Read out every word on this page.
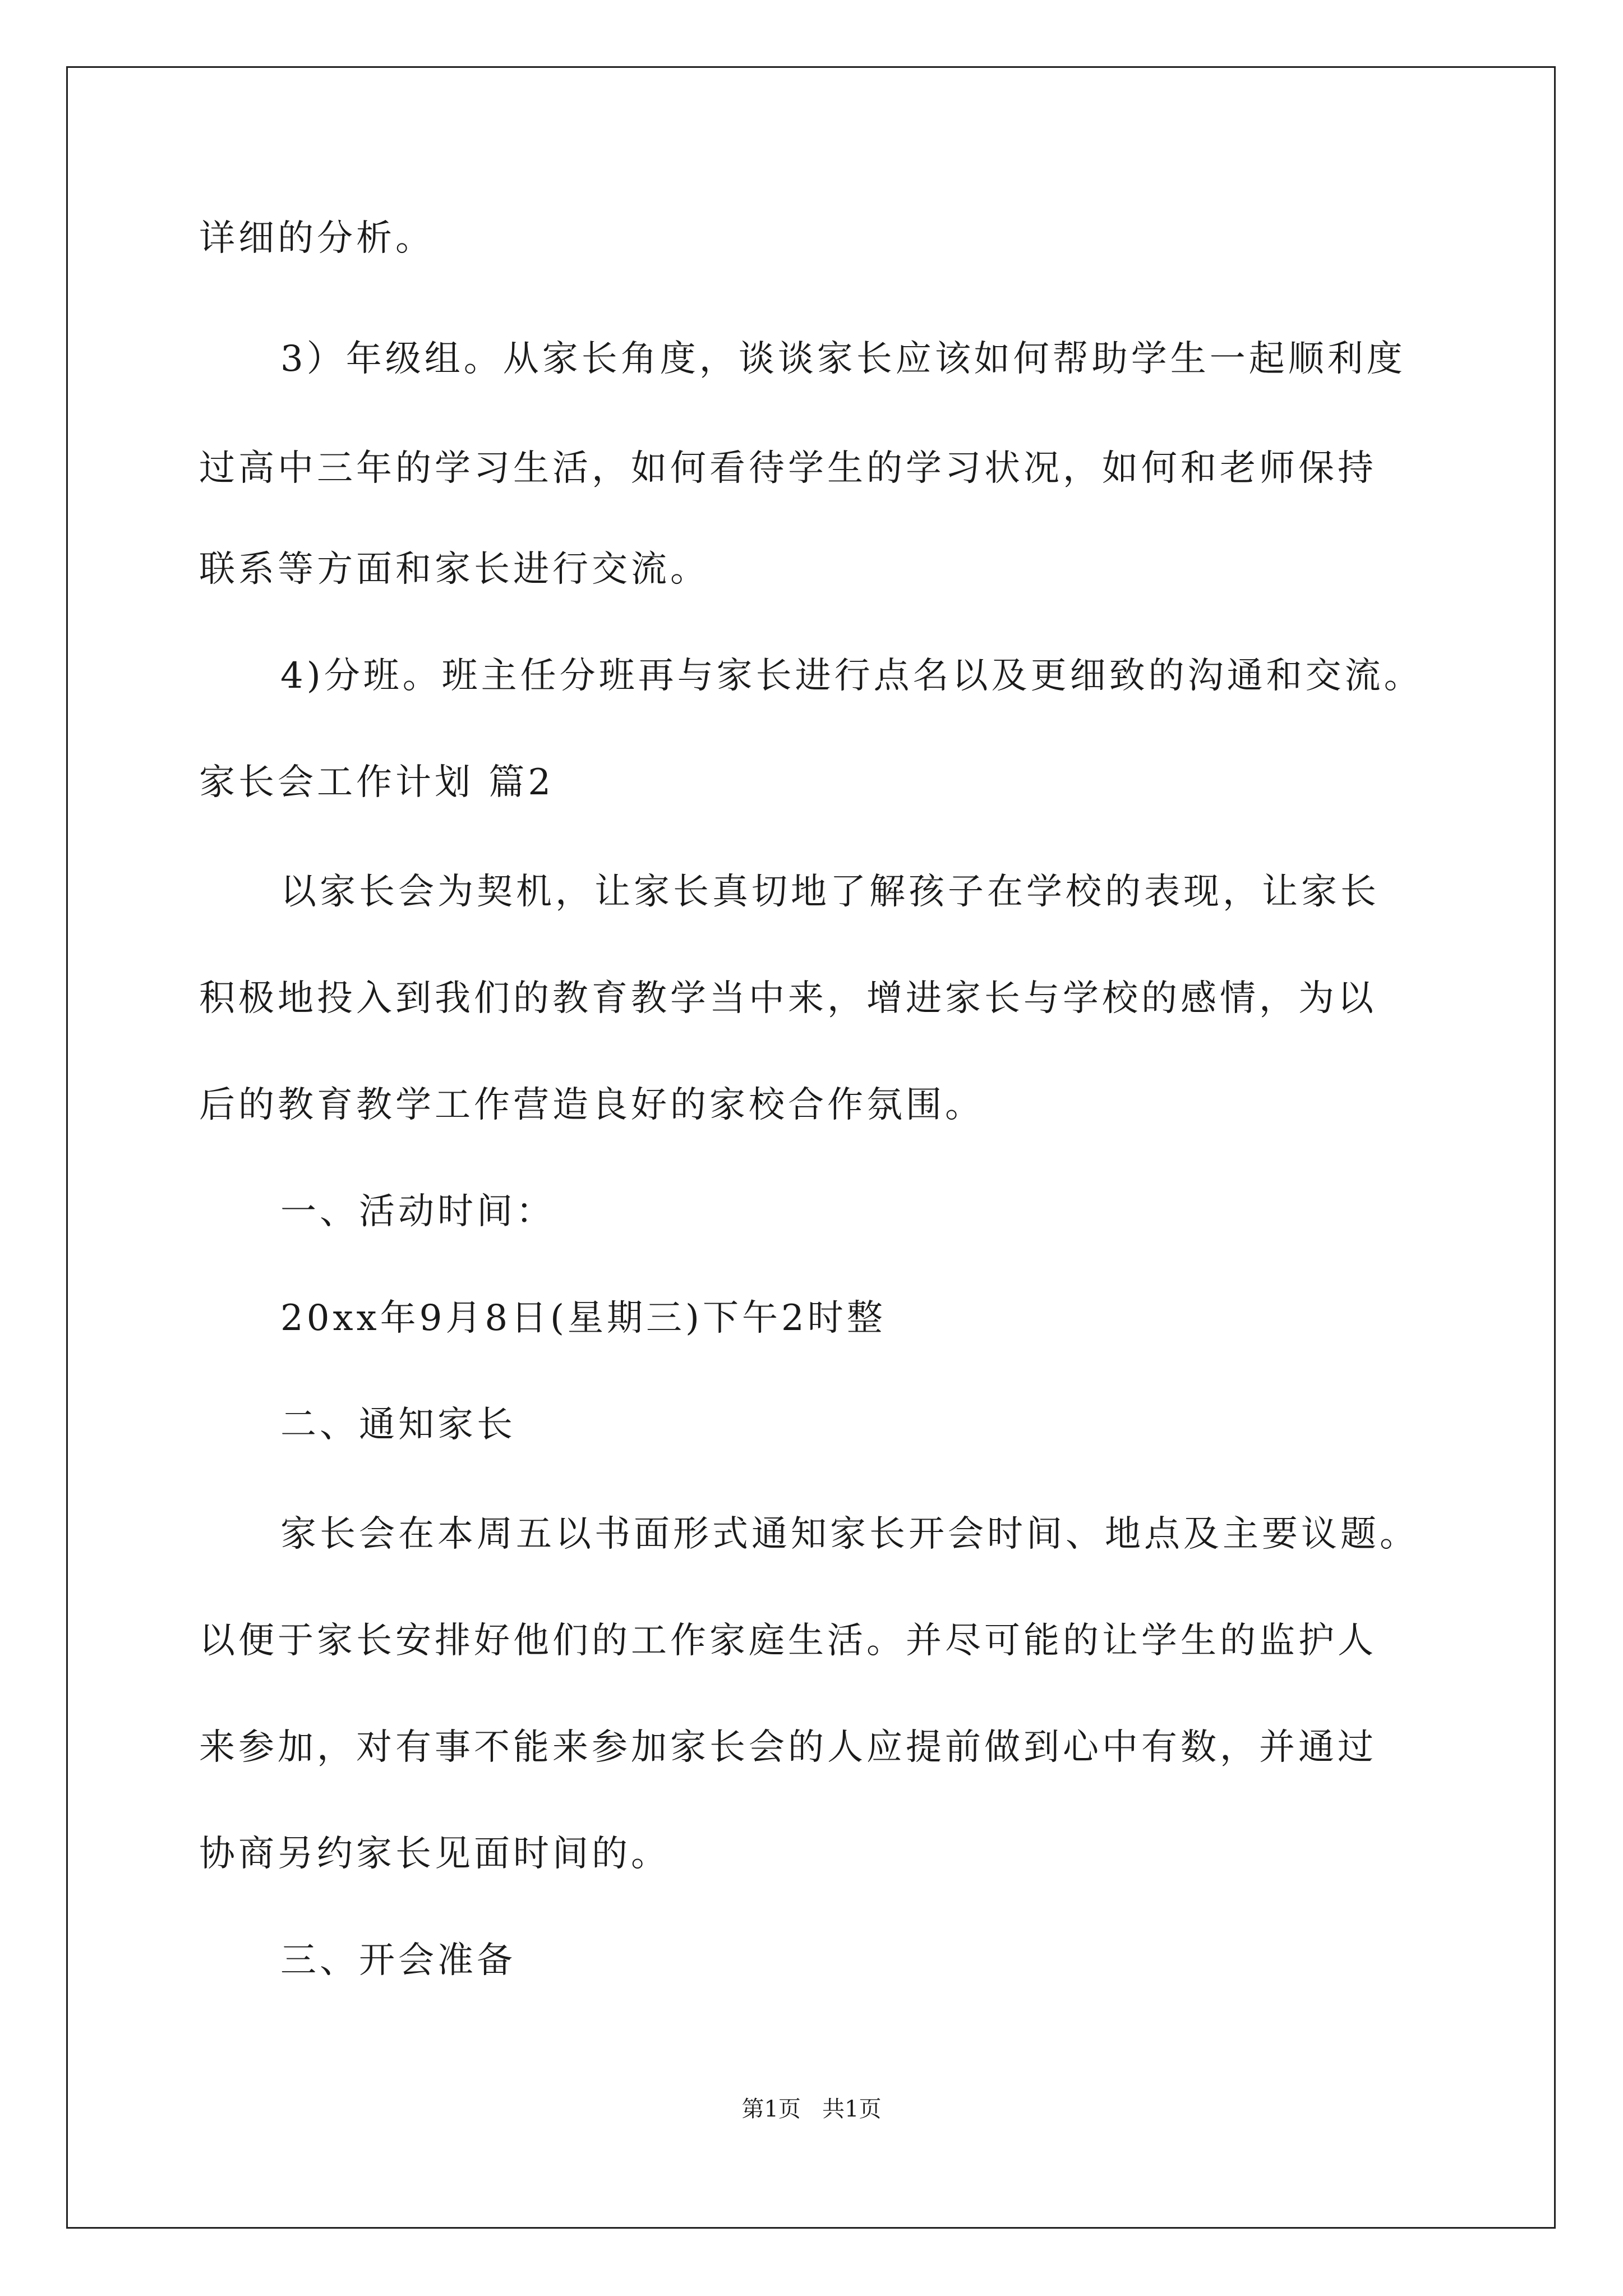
详细的分析。
3）年级组。从家长角度，谈谈家长应该如何帮助学生一起顺利度
过高中三年的学习生活，如何看待学生的学习状况，如何和老师保持
联系等方面和家长进行交流。
4)分班。班主任分班再与家长进行点名以及更细致的沟通和交流。
家长会工作计划 篇2
以家长会为契机，让家长真切地了解孩子在学校的表现，让家长
积极地投入到我们的教育教学当中来，增进家长与学校的感情，为以
后的教育教学工作营造良好的家校合作氛围。
一、活动时间：
20xx年9月8日(星期三)下午2时整
二、通知家长
家长会在本周五以书面形式通知家长开会时间、地点及主要议题。
以便于家长安排好他们的工作家庭生活。并尽可能的让学生的监护人
来参加，对有事不能来参加家长会的人应提前做到心中有数，并通过
协商另约家长见面时间的。
三、开会准备
第1页   共1页
